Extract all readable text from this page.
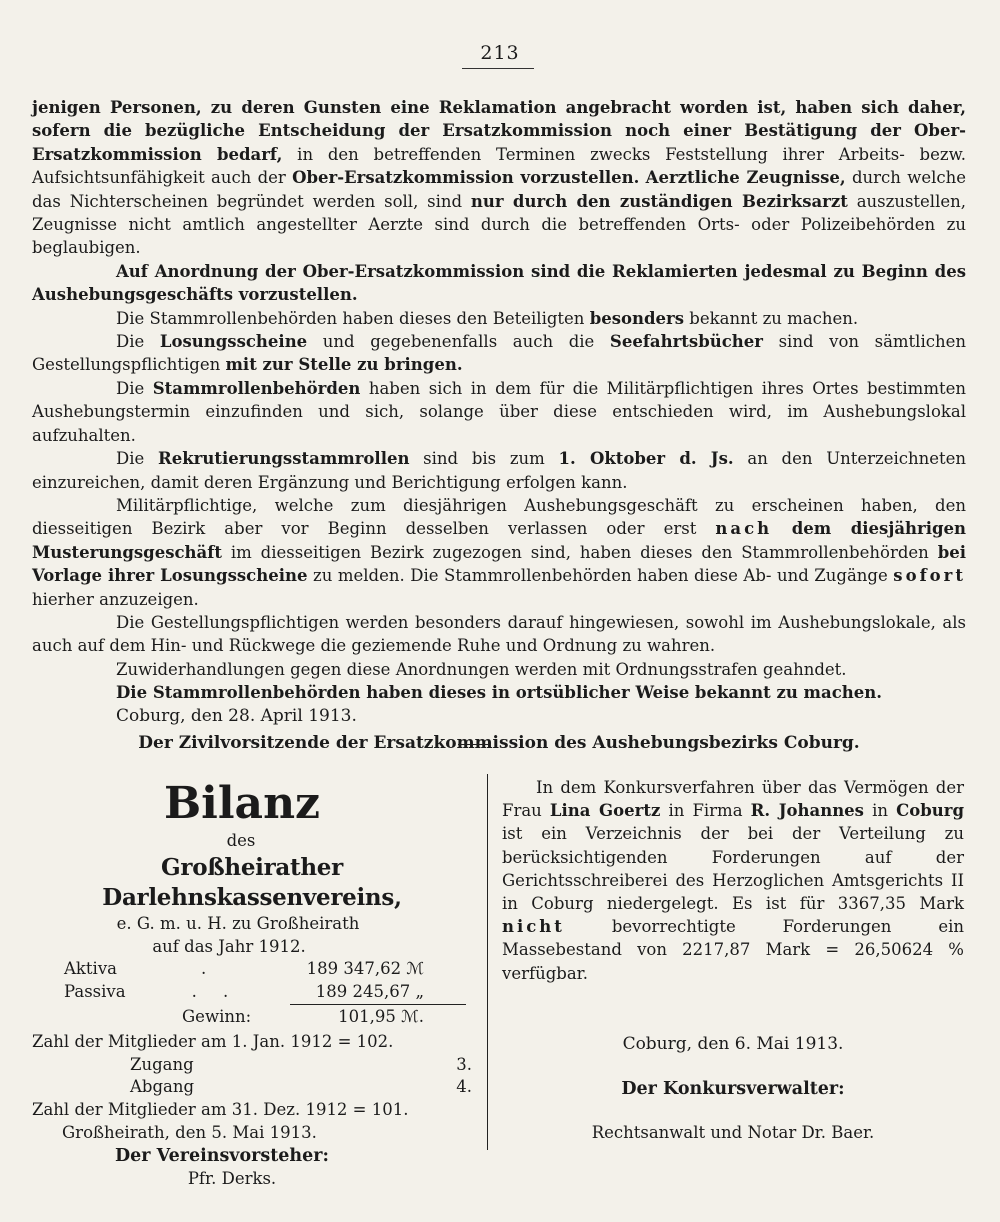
213

jenigen Personen, zu deren Gunsten eine Reklamation angebracht worden ist, haben sich daher, sofern die bezügliche Entscheidung der Ersatzkommission noch einer Bestätigung der Ober-Ersatzkommission bedarf, in den betreffenden Terminen zwecks Feststellung ihrer Arbeits- bezw. Aufsichtsunfähigkeit auch der Ober-Ersatzkommission vorzustellen. Aerztliche Zeugnisse, durch welche das Nichterscheinen begründet werden soll, sind nur durch den zuständigen Bezirksarzt auszustellen, Zeugnisse nicht amtlich angestellter Aerzte sind durch die betreffenden Orts- oder Polizeibehörden zu beglaubigen.

Auf Anordnung der Ober-Ersatzkommission sind die Reklamierten jedesmal zu Beginn des Aushebungsgeschäfts vorzustellen.

Die Stammrollenbehörden haben dieses den Beteiligten besonders bekannt zu machen.

Die Losungsscheine und gegebenenfalls auch die Seefahrtsbücher sind von sämtlichen Gestellungspflichtigen mit zur Stelle zu bringen.

Die Stammrollenbehörden haben sich in dem für die Militärpflichtigen ihres Ortes bestimmten Aushebungstermin einzufinden und sich, solange über diese entschieden wird, im Aushebungslokal aufzuhalten.

Die Rekrutierungsstammrollen sind bis zum 1. Oktober d. Js. an den Unterzeichneten einzureichen, damit deren Ergänzung und Berichtigung erfolgen kann.

Militärpflichtige, welche zum diesjährigen Aushebungsgeschäft zu erscheinen haben, den diesseitigen Bezirk aber vor Beginn desselben verlassen oder erst nach dem diesjährigen Musterungsgeschäft im diesseitigen Bezirk zugezogen sind, haben dieses den Stammrollenbehörden bei Vorlage ihrer Losungsscheine zu melden. Die Stammrollenbehörden haben diese Ab- und Zugänge sofort hierher anzuzeigen.

Die Gestellungspflichtigen werden besonders darauf hingewiesen, sowohl im Aushebungslokale, als auch auf dem Hin- und Rückwege die geziemende Ruhe und Ordnung zu wahren.

Zuwiderhandlungen gegen diese Anordnungen werden mit Ordnungsstrafen geahndet.

Die Stammrollenbehörden haben dieses in ortsüblicher Weise bekannt zu machen.

Coburg, den 28. April 1913.

Der Zivilvorsitzende der Ersatzkommission des Aushebungsbezirks Coburg.
Bilanz
des
Großheirather Darlehnskassenvereins,
e. G. m. u. H. zu Großheirath
auf das Jahr 1912.
Aktiva	.	189 347,62 ℳ
Passiva	.     .	189 245,67 „
Gewinn:	101,95 ℳ.
Zahl der Mitglieder am 1. Jan. 1912 = 102.
Zugang	3.
Abgang	4.
Zahl der Mitglieder am 31. Dez. 1912 = 101.
Großheirath, den 5. Mai 1913.
Der Vereinsvorsteher:
Pfr. Derks.

In dem Konkursverfahren über das Vermögen der Frau Lina Goertz in Firma R. Johannes in Coburg ist ein Verzeichnis der bei der Verteilung zu berücksichtigenden Forderungen auf der Gerichtsschreiberei des Herzoglichen Amtsgerichts II in Coburg niedergelegt. Es ist für 3367,35 Mark nicht bevorrechtigte Forderungen ein Massebestand von 2217,87 Mark = 26,50624 % verfügbar.

Coburg, den 6. Mai 1913.
Der Konkursverwalter:
Rechtsanwalt und Notar Dr. Baer.
